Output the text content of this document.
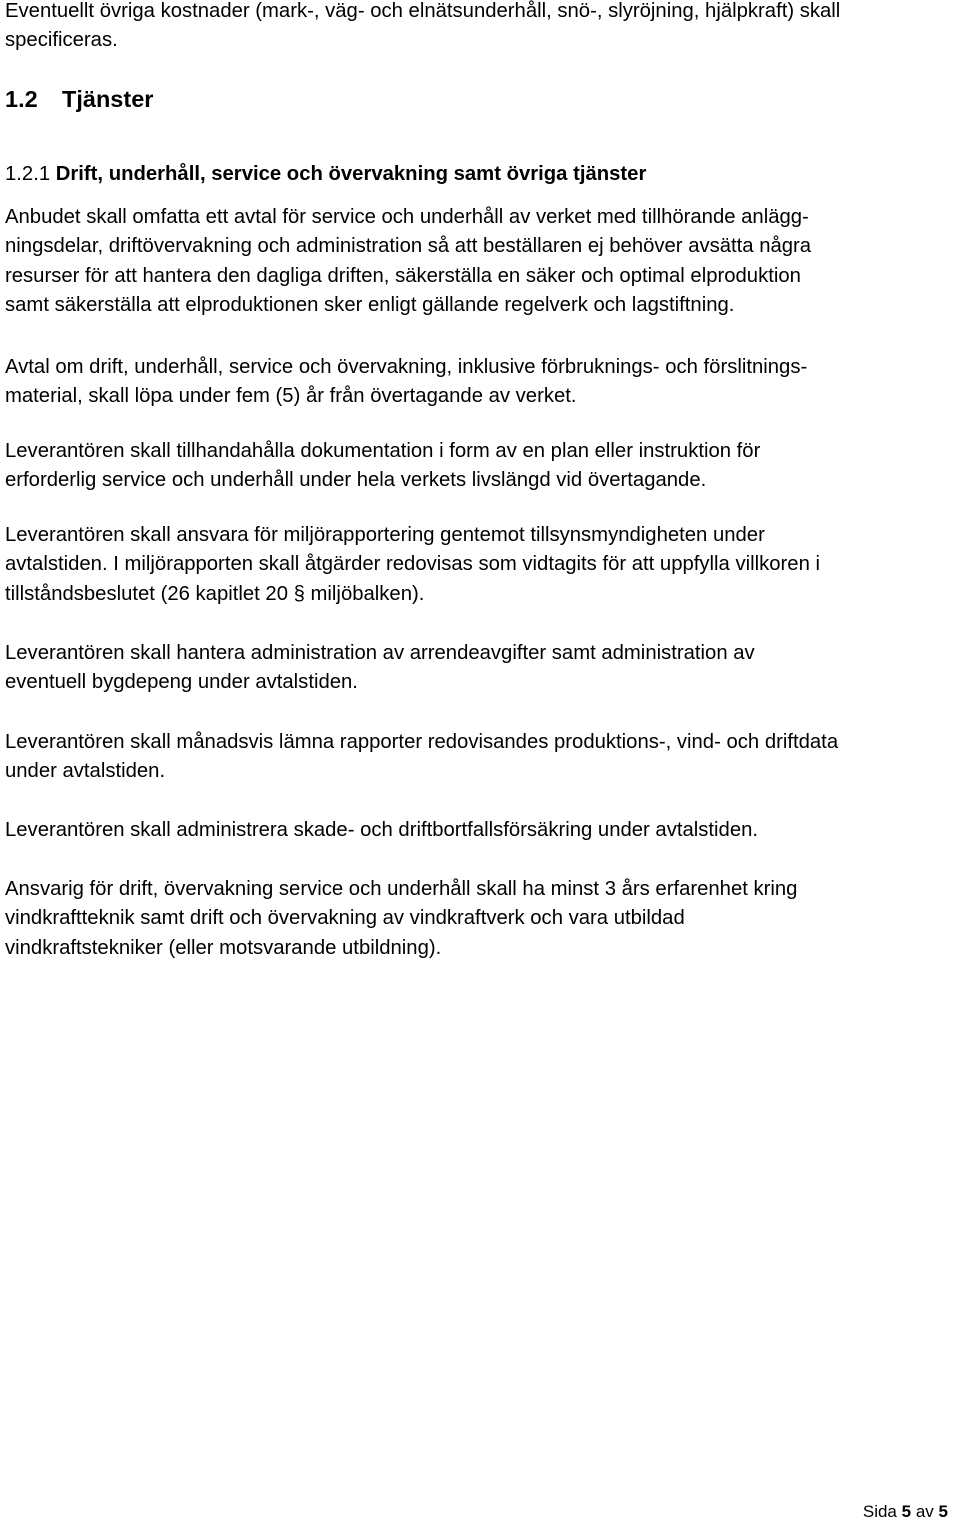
Eventuellt övriga kostnader (mark-, väg- och elnätsunderhåll, snö-, slyröjning, hjälpkraft) skall
specificeras.

1.2 Tjänster
1.2.1 Drift, underhåll, service och övervakning samt övriga tjänster

Anbudet skall omfatta ett avtal för service och underhåll av verket med tillhörande anlägg-
ningsdelar, driftövervakning och administration så att beställaren ej behöver avsätta några
resurser för att hantera den dagliga driften, säkerställa en säker och optimal elproduktion
samt säkerställa att elproduktionen sker enligt gällande regelverk och lagstiftning.

Avtal om drift, underhåll, service och övervakning, inklusive förbruknings- och förslitnings-
material, skall löpa under fem (5) år från övertagande av verket.

Leverantören skall tillhandahålla dokumentation i form av en plan eller instruktion för
erforderlig service och underhåll under hela verkets livslängd vid övertagande.

Leverantören skall ansvara för miljörapportering gentemot tillsynsmyndigheten under
avtalstiden. I miljörapporten skall åtgärder redovisas som vidtagits för att uppfylla villkoren i
tillståndsbeslutet (26 kapitlet 20 § miljöbalken).

Leverantören skall hantera administration av arrendeavgifter samt administration av
eventuell bygdepeng under avtalstiden.

Leverantören skall månadsvis lämna rapporter redovisandes produktions-, vind- och driftdata
under avtalstiden.

Leverantören skall administrera skade- och driftbortfallsförsäkring under avtalstiden.

Ansvarig för drift, övervakning service och underhåll skall ha minst 3 års erfarenhet kring
vindkraftteknik samt drift och övervakning av vindkraftverk och vara utbildad
vindkraftstekniker (eller motsvarande utbildning).

Sida 5 av 5
